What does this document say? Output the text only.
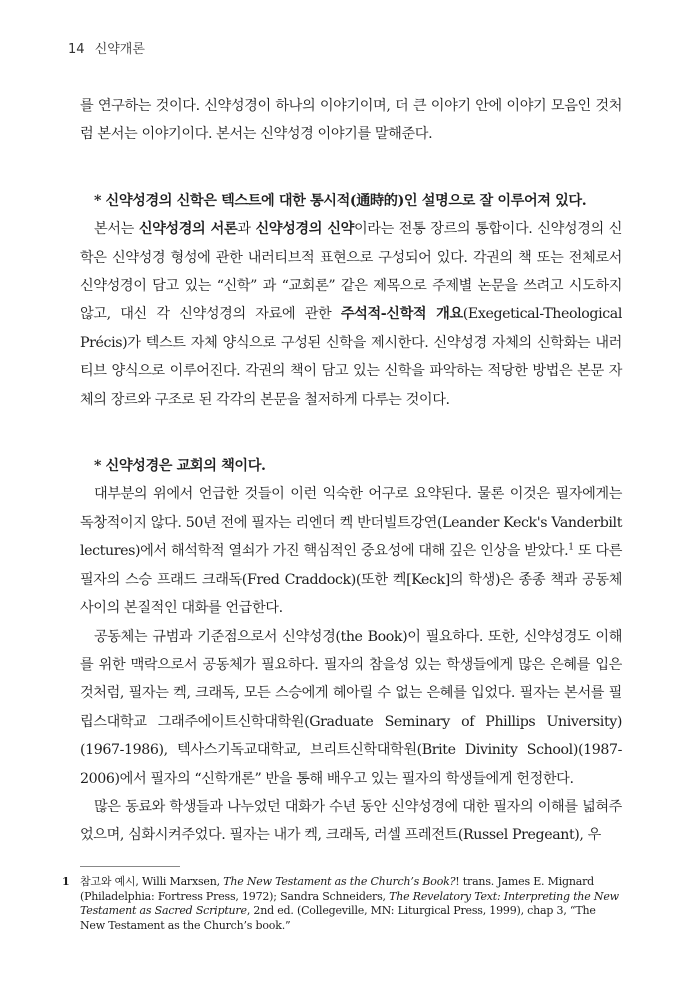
14 신약개론

를 연구하는 것이다. 신약성경이 하나의 이야기이며, 더 큰 이야기 안에 이야기 모음인 것처럼 본서는 이야기이다. 본서는 신약성경 이야기를 말해준다.

* 신약성경의 신학은 텍스트에 대한 통시적(通時的)인 설명으로 잘 이루어져 있다.

본서는 신약성경의 서론과 신약성경의 신약이라는 전통 장르의 통합이다. 신약성경의 신학은 신약성경 형성에 관한 내러티브적 표현으로 구성되어 있다. 각권의 책 또는 전체로서 신약성경이 담고 있는 “신학” 과 “교회론” 같은 제목으로 주제별 논문을 쓰려고 시도하지 않고, 대신 각 신약성경의 자료에 관한 주석적-신학적 개요(Exegetical-Theological Précis)가 텍스트 자체 양식으로 구성된 신학을 제시한다. 신약성경 자체의 신학화는 내러티브 양식으로 이루어진다. 각권의 책이 담고 있는 신학을 파악하는 적당한 방법은 본문 자체의 장르와 구조로 된 각각의 본문을 철저하게 다루는 것이다.

* 신약성경은 교회의 책이다.

대부분의 위에서 언급한 것들이 이런 익숙한 어구로 요약된다. 물론 이것은 필자에게는 독창적이지 않다. 50년 전에 필자는 리엔더 켁 반더빌트강연(Leander Keck's Vanderbilt lectures)에서 해석학적 열쇠가 가진 핵심적인 중요성에 대해 깊은 인상을 받았다.$^1$ 또 다른 필자의 스승 프래드 크래독(Fred Craddock)(또한 켁[Keck]의 학생)은 종종 책과 공동체 사이의 본질적인 대화를 언급한다.

공동체는 규범과 기준점으로서 신약성경(the Book)이 필요하다. 또한, 신약성경도 이해를 위한 맥락으로서 공동체가 필요하다. 필자의 참을성 있는 학생들에게 많은 은혜를 입은 것처럼, 필자는 켁, 크래독, 모든 스승에게 헤아릴 수 없는 은혜를 입었다. 필자는 본서를 필립스대학교 그래주에이트신학대학원(Graduate Seminary of Phillips University)(1967-1986), 텍사스기독교대학교, 브리트신학대학원(Brite Divinity School)(1987-2006)에서 필자의 “신학개론” 반을 통해 배우고 있는 필자의 학생들에게 헌정한다.

많은 동료와 학생들과 나누었던 대화가 수년 동안 신약성경에 대한 필자의 이해를 넓혀주었으며, 심화시켜주었다. 필자는 내가 켁, 크래독, 러셀 프레전트(Russel Pregeant), 우

1 참고와 예시, Willi Marxsen, The New Testament as the Church’s Book?! trans. James E. Mignard (Philadelphia: Fortress Press, 1972); Sandra Schneiders, The Revelatory Text: Interpreting the New Testament as Sacred Scripture, 2nd ed. (Collegeville, MN: Liturgical Press, 1999), chap 3, “The New Testament as the Church’s book.”
